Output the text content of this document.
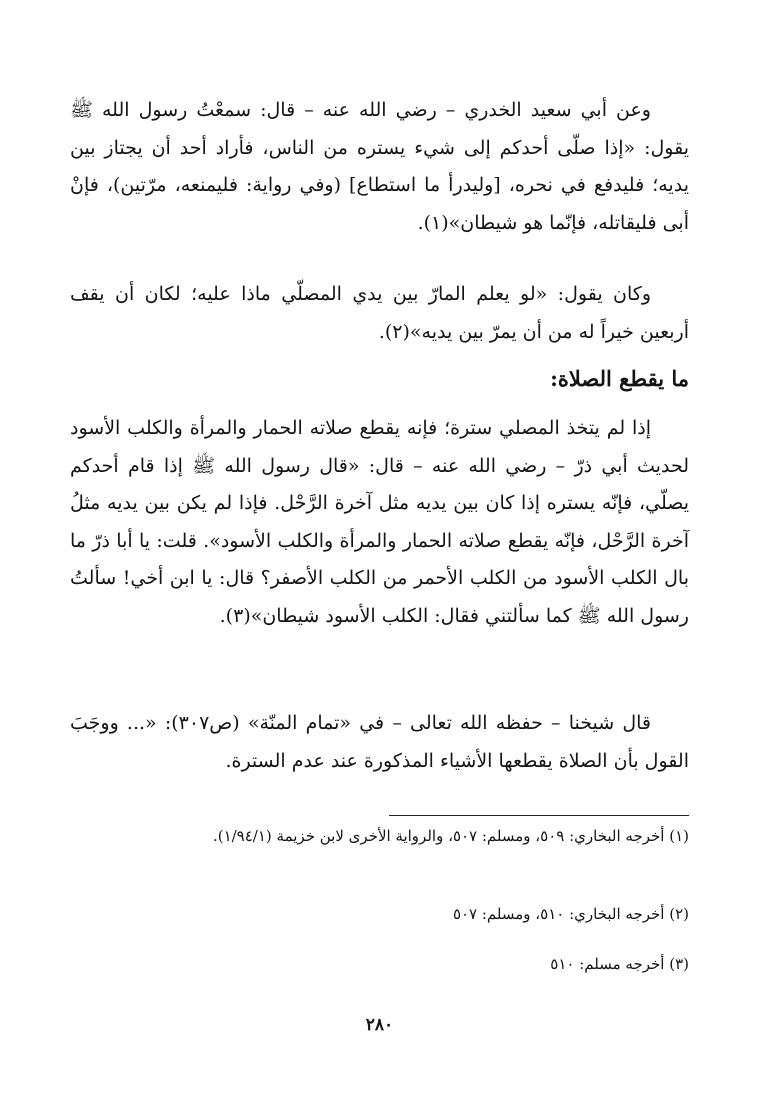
وعن أبي سعيد الخدري – رضي الله عنه – قال: سمعْتُ رسول الله ﷺ يقول: «إذا صلّى أحدكم إلى شيء يستره من الناس، فأراد أحد أن يجتاز بين يديه؛ فليدفع في نحره، [وليدرأ ما استطاع] (وفي رواية: فليمنعه، مرّتين)، فإنْ أبى فليقاتله، فإنّما هو شيطان»(١).

وكان يقول: «لو يعلم المارّ بين يدي المصلّي ماذا عليه؛ لكان أن يقف أربعين خيراً له من أن يمرّ بين يديه»(٢).

ما يقطع الصلاة:

إذا لم يتخذ المصلي سترة؛ فإنه يقطع صلاته الحمار والمرأة والكلب الأسود لحديث أبي ذرّ – رضي الله عنه – قال: «قال رسول الله ﷺ إذا قام أحدكم يصلّي، فإنّه يستره إذا كان بين يديه مثل آخرة الرَّحْل. فإذا لم يكن بين يديه مثلُ آخرة الرَّحْل، فإنّه يقطع صلاته الحمار والمرأة والكلب الأسود». قلت: يا أبا ذرّ ما بال الكلب الأسود من الكلب الأحمر من الكلب الأصفر؟ قال: يا ابن أخي! سألتُ رسول الله ﷺ كما سألتني فقال: الكلب الأسود شيطان»(٣).

قال شيخنا – حفظه الله تعالى – في «تمام المنّة» (ص٣٠٧): «... ووجَبَ القول بأن الصلاة يقطعها الأشياء المذكورة عند عدم السترة.

(١) أخرجه البخاري: ٥٠٩، ومسلم: ٥٠٧، والرواية الأخرى لابن خزيمة (١/٩٤/١).

(٢) أخرجه البخاري: ٥١٠، ومسلم: ٥٠٧

(٣) أخرجه مسلم: ٥١٠

٢٨٠
